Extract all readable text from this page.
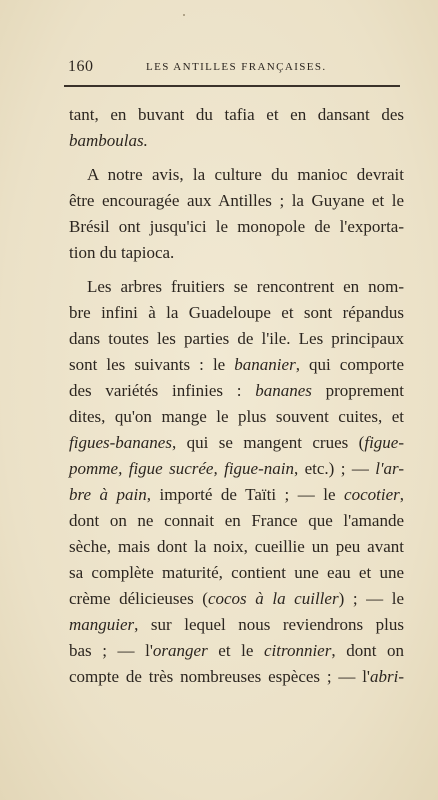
160	LES ANTILLES FRANÇAISES.
tant, en buvant du tafia et en dansant des
bamboulas.
A notre avis, la culture du manioc devrait
être encouragée aux Antilles ; la Guyane et le
Brésil ont jusqu'ici le monopole de l'exporta-
tion du tapioca.
Les arbres fruitiers se rencontrent en nom-
bre infini à la Guadeloupe et sont répandus
dans toutes les parties de l'ile. Les principaux
sont les suivants : le bananier, qui comporte
des variétés infinies : bananes proprement
dites, qu'on mange le plus souvent cuites, et
figues-bananes, qui se mangent crues (figue-
pomme, figue sucrée, figue-nain, etc.) ; — l'ar-
bre à pain, importé de Taïti ; — le cocotier,
dont on ne connait en France que l'amande
sèche, mais dont la noix, cueillie un peu avant
sa complète maturité, contient une eau et une
crème délicieuses (cocos à la cuiller) ; — le
manguier, sur lequel nous reviendrons plus
bas ; — l'oranger et le citronnier, dont on
compte de très nombreuses espèces ; — l'abri-
